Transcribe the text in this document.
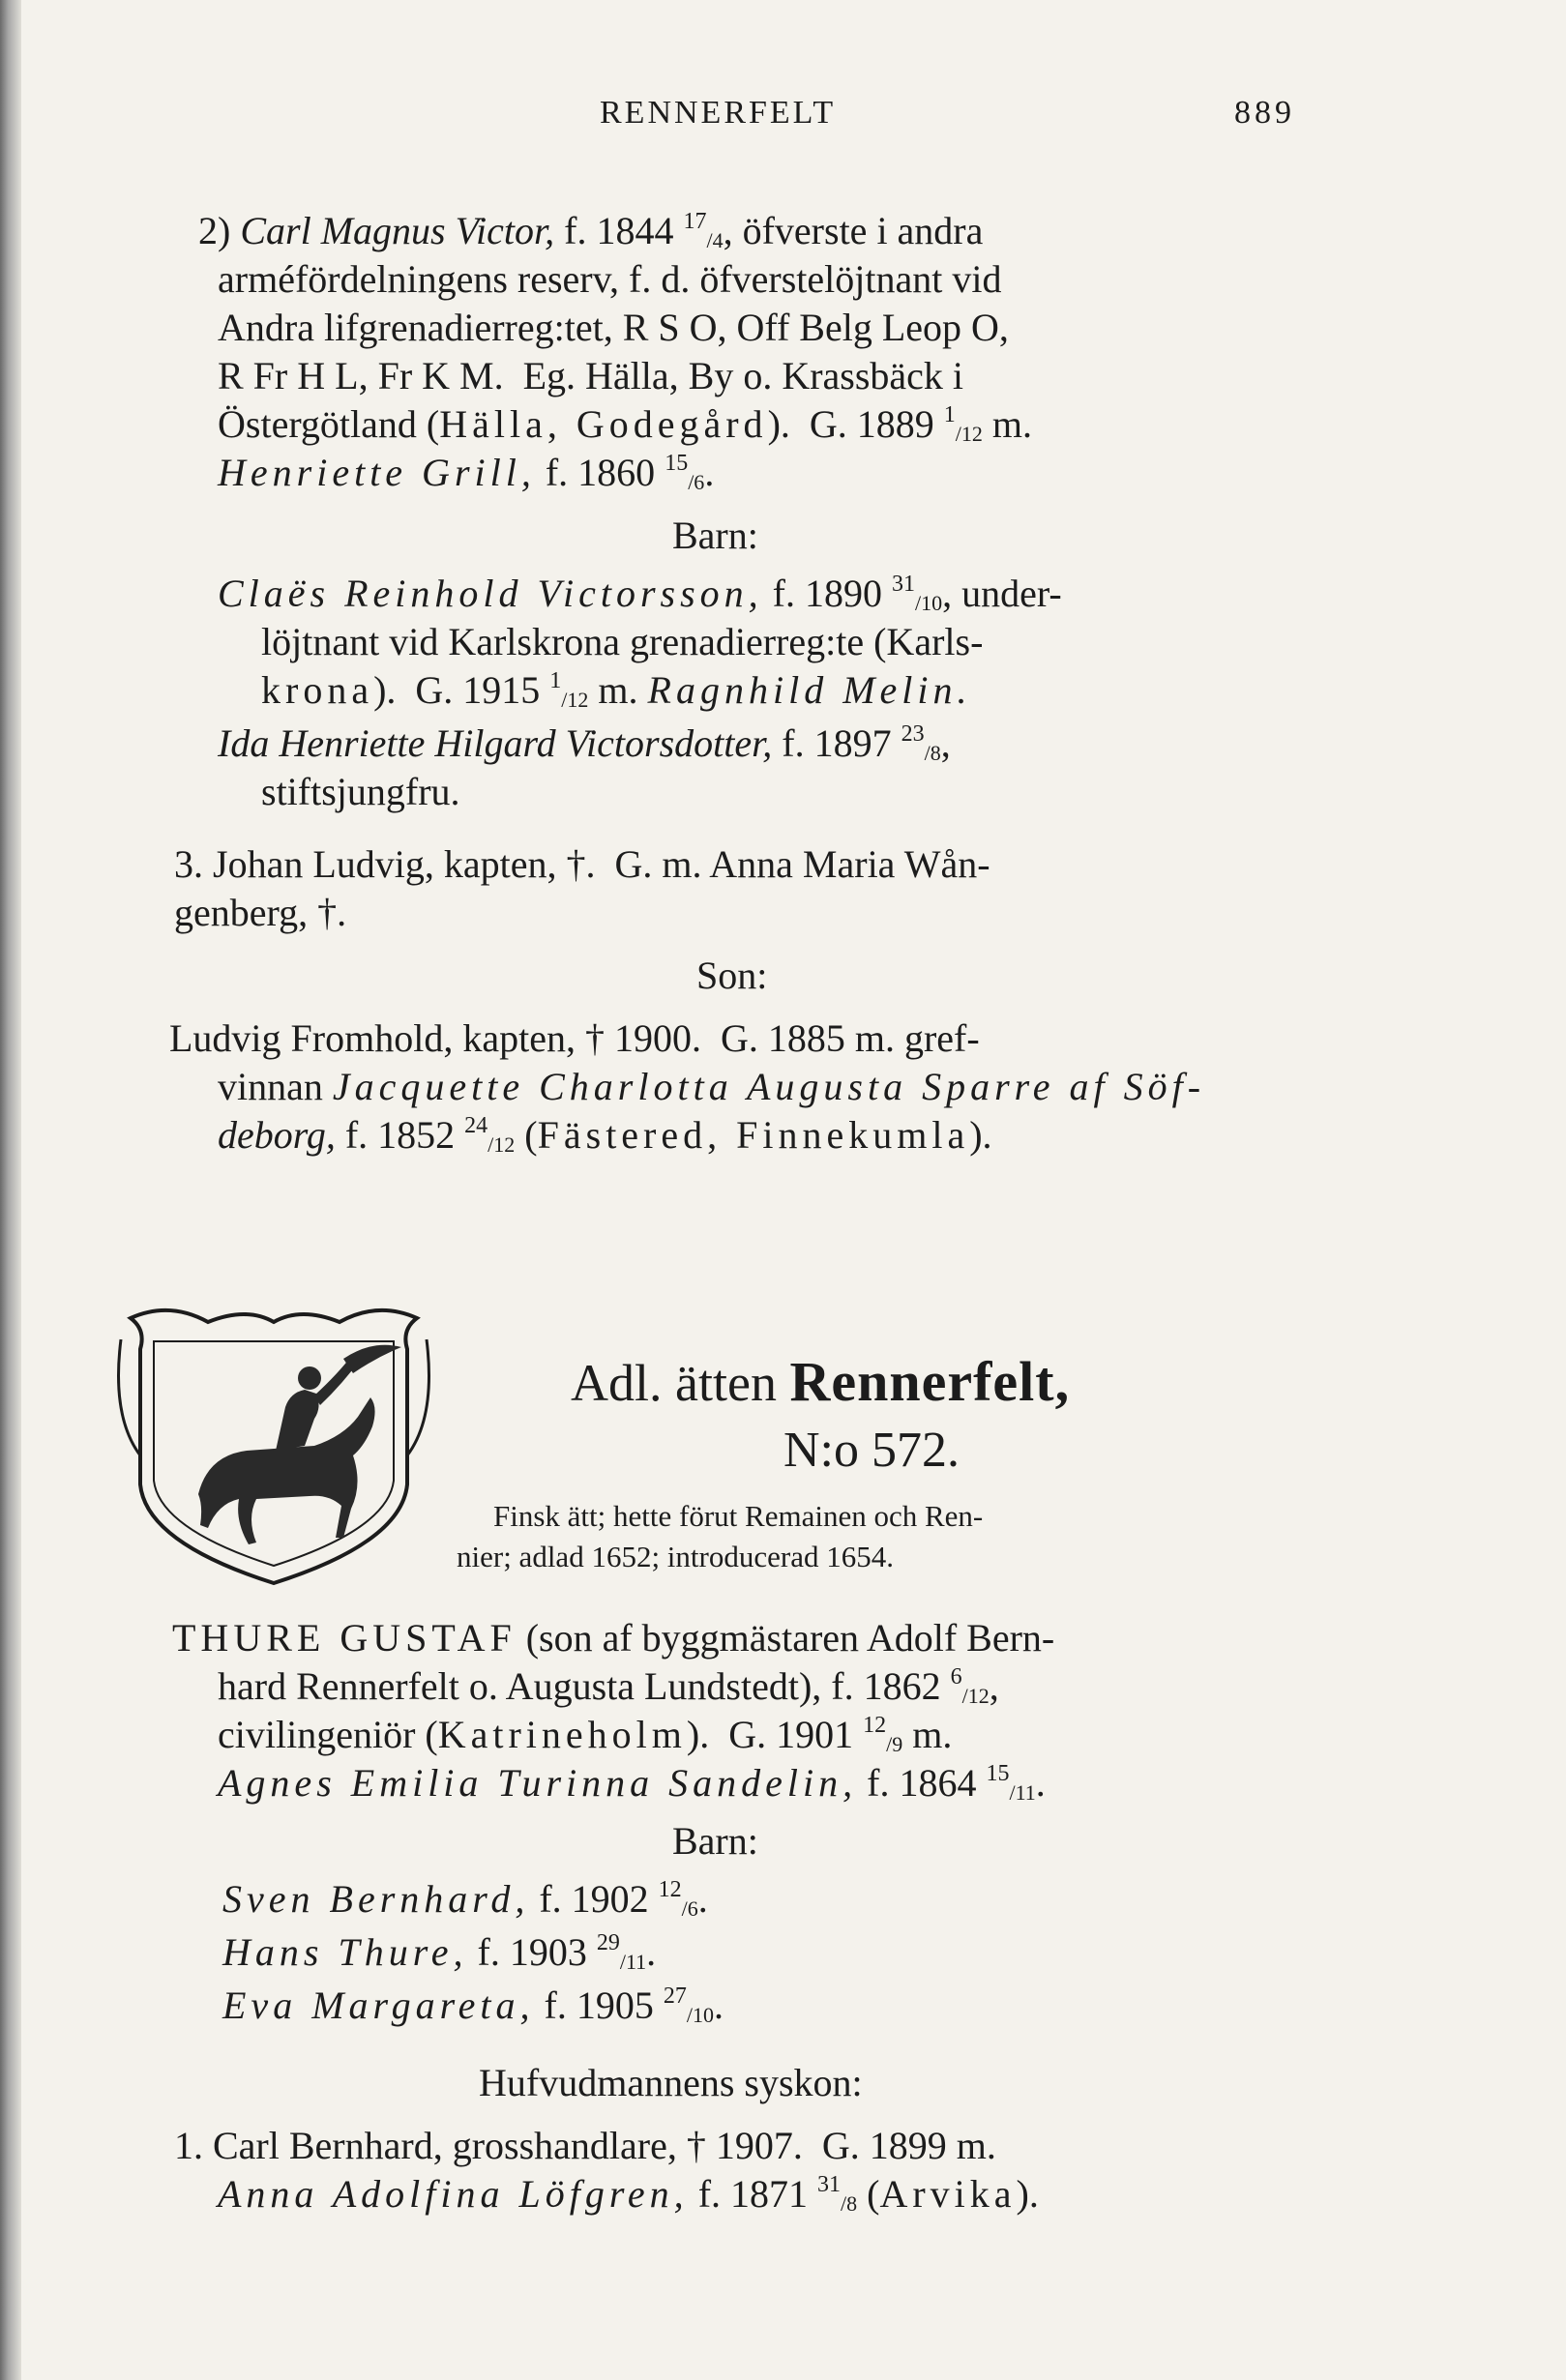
RENNERFELT	889
2) Carl Magnus Victor, f. 1844 $^{17}_{/4}$, öfverste i andra
arméfördelningens reserv, f. d. öfverstelöjtnant vid
Andra lifgrenadierreg:tet, R S O, Off Belg Leop O,
R Fr H L, Fr K M.  Eg. Hälla, By o. Krassbäck i
Östergötland (Hälla, Godegård).  G. 1889 $^1_{/12}$ m.
Henriette Grill, f. 1860 $^{15}_{/6}$.
Barn:
Claës Reinhold Victorsson, f. 1890 $^{31}_{/10}$, under-
löjtnant vid Karlskrona grenadierreg:te (Karls-
krona).  G. 1915 $^1_{/12}$ m. Ragnhild Melin.
Ida Henriette Hilgard Victorsdotter, f. 1897 $^{23}_{/8}$,
stiftsjungfru.
3. Johan Ludvig, kapten, †.  G. m. Anna Maria Wån-
genberg, †.
Son:
Ludvig Fromhold, kapten, † 1900.  G. 1885 m. gref-
vinnan Jacquette Charlotta Augusta Sparre af Söf-
deborg, f. 1852 $^{24}_{/12}$ (Fästered, Finnekumla).
Adl. ätten Rennerfelt,
N:o 572.
Finsk ätt; hette förut Remainen och Ren-
nier; adlad 1652; introducerad 1654.
THURE GUSTAF (son af byggmästaren Adolf Bern-
hard Rennerfelt o. Augusta Lundstedt), f. 1862 $^6_{/12}$,
civilingeniör (Katrineholm).  G. 1901 $^{12}_{/9}$ m.
Agnes Emilia Turinna Sandelin, f. 1864 $^{15}_{/11}$.
Barn:
Sven Bernhard, f. 1902 $^{12}_{/6}$.
Hans Thure, f. 1903 $^{29}_{/11}$.
Eva Margareta, f. 1905 $^{27}_{/10}$.
Hufvudmannens syskon:
1. Carl Bernhard, grosshandlare, † 1907.  G. 1899 m.
Anna Adolfina Löfgren, f. 1871 $^{31}_{/8}$ (Arvika).
